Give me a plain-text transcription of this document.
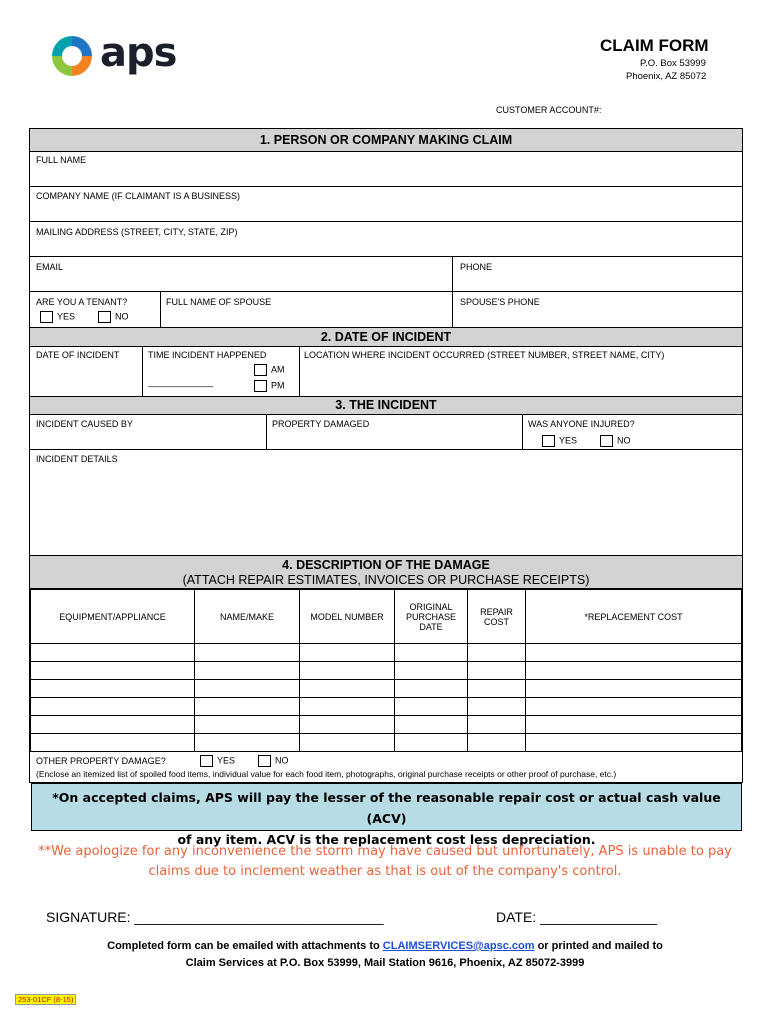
aps	CLAIM FORM
P.O. Box 53999
Phoenix, AZ 85072
CUSTOMER ACCOUNT#:
1. PERSON OR COMPANY MAKING CLAIM
FULL NAME
COMPANY NAME (IF CLAIMANT IS A BUSINESS)
MAILING ADDRESS (STREET, CITY, STATE, ZIP)
EMAIL	PHONE
ARE YOU A TENANT?
YES	NO
FULL NAME OF SPOUSE	SPOUSE'S PHONE
2. DATE OF INCIDENT
DATE OF INCIDENT	TIME INCIDENT HAPPENED
_____________
AM
PM
LOCATION WHERE INCIDENT OCCURRED (STREET NUMBER, STREET NAME, CITY)
3. THE INCIDENT
INCIDENT CAUSED BY	PROPERTY DAMAGED	WAS ANYONE INJURED?
YES	NO
INCIDENT DETAILS
4. DESCRIPTION OF THE DAMAGE
(ATTACH REPAIR ESTIMATES, INVOICES OR PURCHASE RECEIPTS)
EQUIPMENT/APPLIANCE	NAME/MAKE	MODEL NUMBER	ORIGINAL PURCHASE DATE	REPAIR COST	*REPLACEMENT COST

OTHER PROPERTY DAMAGE?	YES	NO
(Enclose an itemized list of spoiled food items, individual value for each food item, photographs, original purchase receipts or other proof of purchase, etc.)
*On accepted claims, APS will pay the lesser of the reasonable repair cost or actual cash value (ACV)
of any item. ACV is the replacement cost less depreciation.
**We apologize for any inconvenience the storm may have caused but unfortunately, APS is unable to pay
claims due to inclement weather as that is out of the company's control.
SIGNATURE: ________________________________	DATE: _______________
Completed form can be emailed with attachments to CLAIMSERVICES@apsc.com or printed and mailed to
Claim Services at P.O. Box 53999, Mail Station 9616, Phoenix, AZ 85072-3999
253-01CF (8-15)
